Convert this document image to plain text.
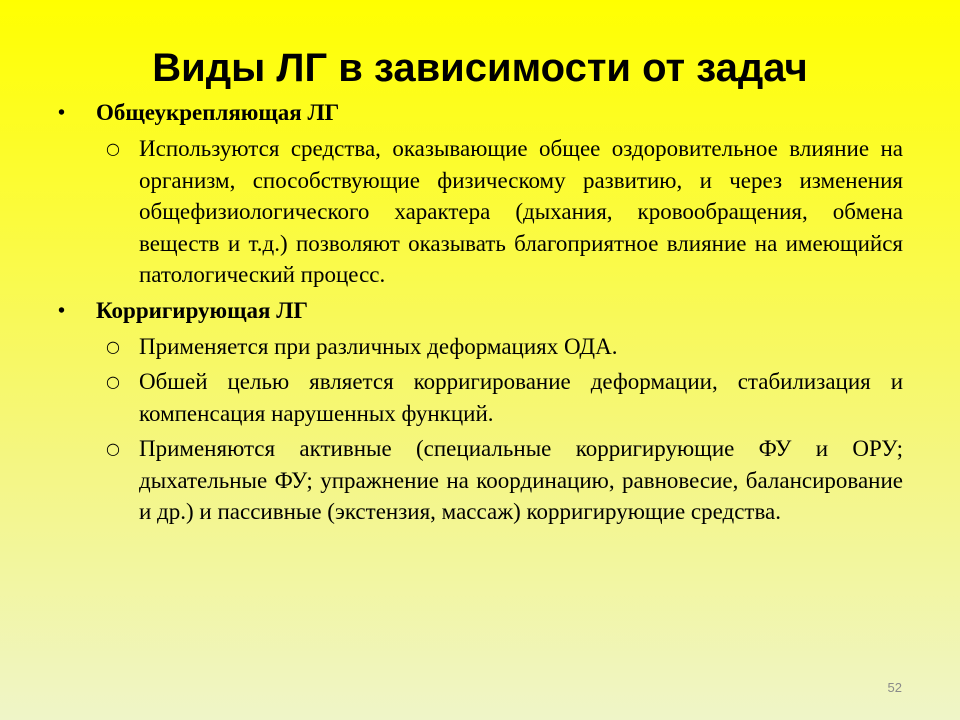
Виды ЛГ в зависимости от задач
•	Общеукрепляющая ЛГ
○ Используются средства, оказывающие общее оздоровительное влияние на организм, способствующие физическому развитию, и через изменения общефизиологического характера (дыхания, кровообращения, обмена веществ и т.д.) позволяют оказывать благоприятное влияние на имеющийся патологический процесс.
•	Корригирующая ЛГ
○ Применяется при различных деформациях ОДА.
○ Обшей целью является корригирование деформации, стабилизация и компенсация нарушенных функций.
○ Применяются активные (специальные корригирующие ФУ и ОРУ; дыхательные ФУ; упражнение на координацию, равновесие, балансирование и др.) и пассивные (экстензия, массаж) корригирующие средства.
52
